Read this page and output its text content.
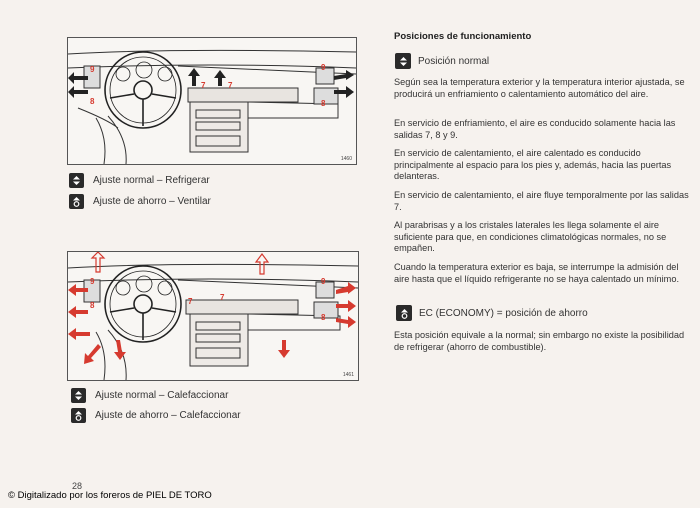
9
8
7	7
9
8
1460
Ajuste normal – Refrigerar
Ajuste de ahorro – Ventilar
9
8	7	7
9
8
1461
Ajuste normal – Calefaccionar
Ajuste de ahorro – Calefaccionar
Posiciones de funcionamiento
Posición normal

Según sea la temperatura exterior y la temperatura interior ajustada, se producirá un enfriamiento o calentamiento automático del aire.

En servicio de enfriamiento, el aire es conducido solamente hacia las salidas 7, 8 y 9.

En servicio de calentamiento, el aire calentado es conducido principalmente al espacio para los pies y, además, hacia las puertas delanteras.

En servicio de calentamiento, el aire fluye temporalmente por las salidas 7.

Al parabrisas y a los cristales laterales les llega solamente el aire suficiente para que, en condiciones climatológicas normales, no se empañen.

Cuando la temperatura exterior es baja, se interrumpe la admisión del aire hasta que el líquido refrigerante no se haya calentado un mínimo.

EC (ECONOMY) = posición de ahorro

Esta posición equivale a la normal; sin embargo no existe la posibilidad de refrigerar (ahorro de combustible).

28
© Digitalizado por los foreros de PIEL DE TORO
